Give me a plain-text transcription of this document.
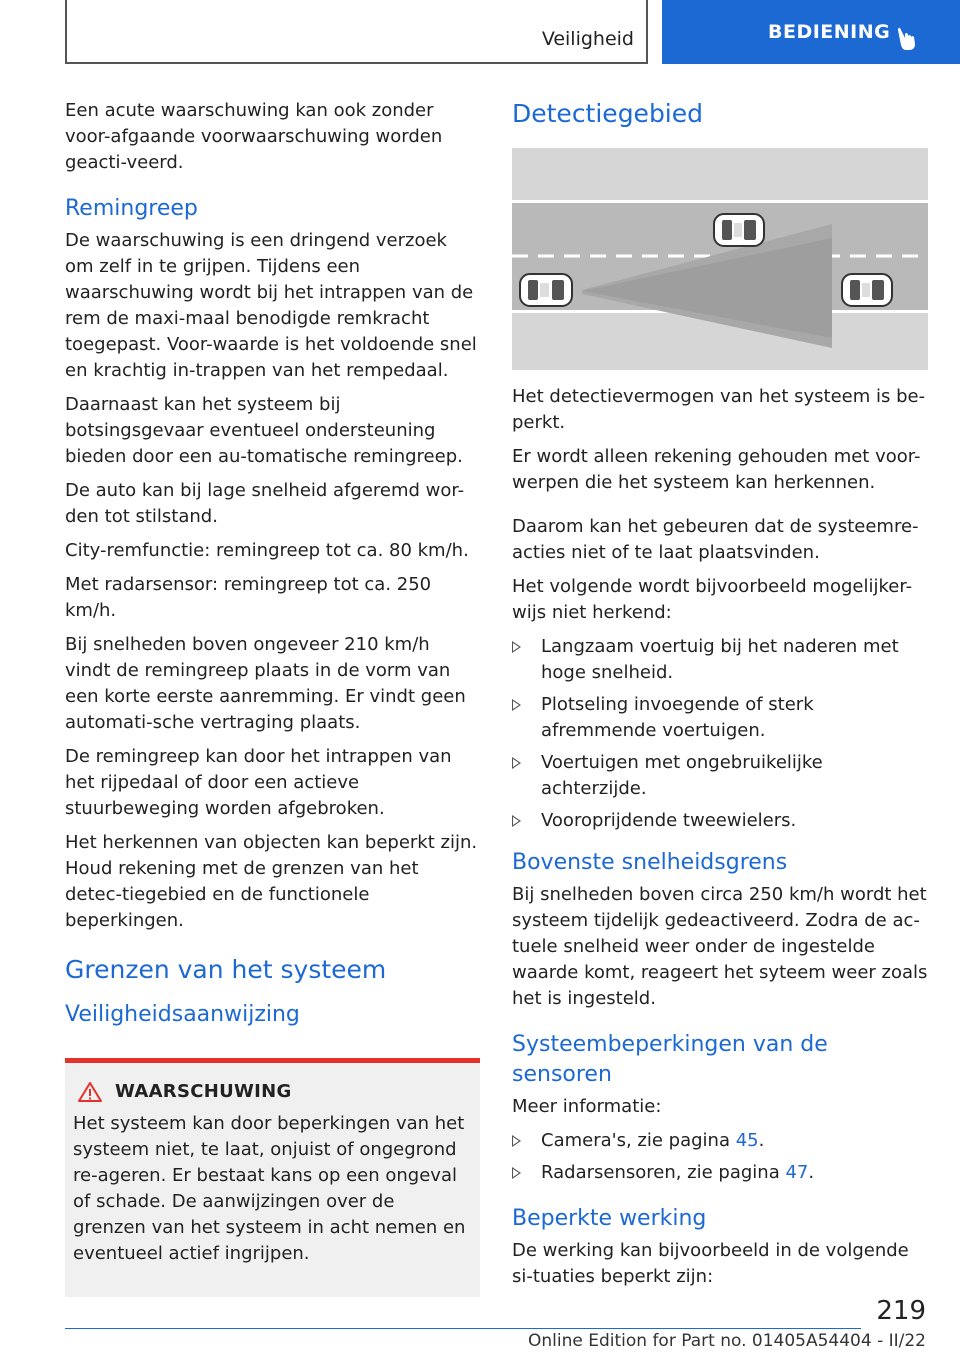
Veiligheid	BEDIENING

Een acute waarschuwing kan ook zonder voor-afgaande voorwaarschuwing worden geacti-veerd.

Remingreep

De waarschuwing is een dringend verzoek om zelf in te grijpen. Tijdens een waarschuwing wordt bij het intrappen van de rem de maxi-maal benodigde remkracht toegepast. Voor-waarde is het voldoende snel en krachtig in-trappen van het rempedaal.

Daarnaast kan het systeem bij botsingsgevaar eventueel ondersteuning bieden door een au-tomatische remingreep.

De auto kan bij lage snelheid afgeremd wor-den tot stilstand.

City-remfunctie: remingreep tot ca. 80 km/h.

Met radarsensor: remingreep tot ca. 250 km/h.

Bij snelheden boven ongeveer 210 km/h vindt de remingreep plaats in de vorm van een korte eerste aanremming. Er vindt geen automati-sche vertraging plaats.

De remingreep kan door het intrappen van het rijpedaal of door een actieve stuurbeweging worden afgebroken.

Het herkennen van objecten kan beperkt zijn. Houd rekening met de grenzen van het detec-tiegebied en de functionele beperkingen.

Grenzen van het systeem
Veiligheidsaanwijzing
WAARSCHUWING

Het systeem kan door beperkingen van het systeem niet, te laat, onjuist of ongegrond re-ageren. Er bestaat kans op een ongeval of schade. De aanwijzingen over de grenzen van het systeem in acht nemen en eventueel actief ingrijpen.

Detectiegebied

Het detectievermogen van het systeem is be-perkt.

Er wordt alleen rekening gehouden met voor-werpen die het systeem kan herkennen.

Daarom kan het gebeuren dat de systeemre-acties niet of te laat plaatsvinden.

Het volgende wordt bijvoorbeeld mogelijker-wijs niet herkend:

Langzaam voertuig bij het naderen met hoge snelheid.
Plotseling invoegende of sterk afremmende voertuigen.
Voertuigen met ongebruikelijke achterzijde.
Vooroprijdende tweewielers.
Bovenste snelheidsgrens

Bij snelheden boven circa 250 km/h wordt het systeem tijdelijk gedeactiveerd. Zodra de ac-tuele snelheid weer onder de ingestelde waarde komt, reageert het syteem weer zoals het is ingesteld.

Systeembeperkingen van de sensoren

Meer informatie:

Camera's, zie pagina 45.
Radarsensoren, zie pagina 47.
Beperkte werking

De werking kan bijvoorbeeld in de volgende si-tuaties beperkt zijn:

219
Online Edition for Part no. 01405A54404 - II/22
